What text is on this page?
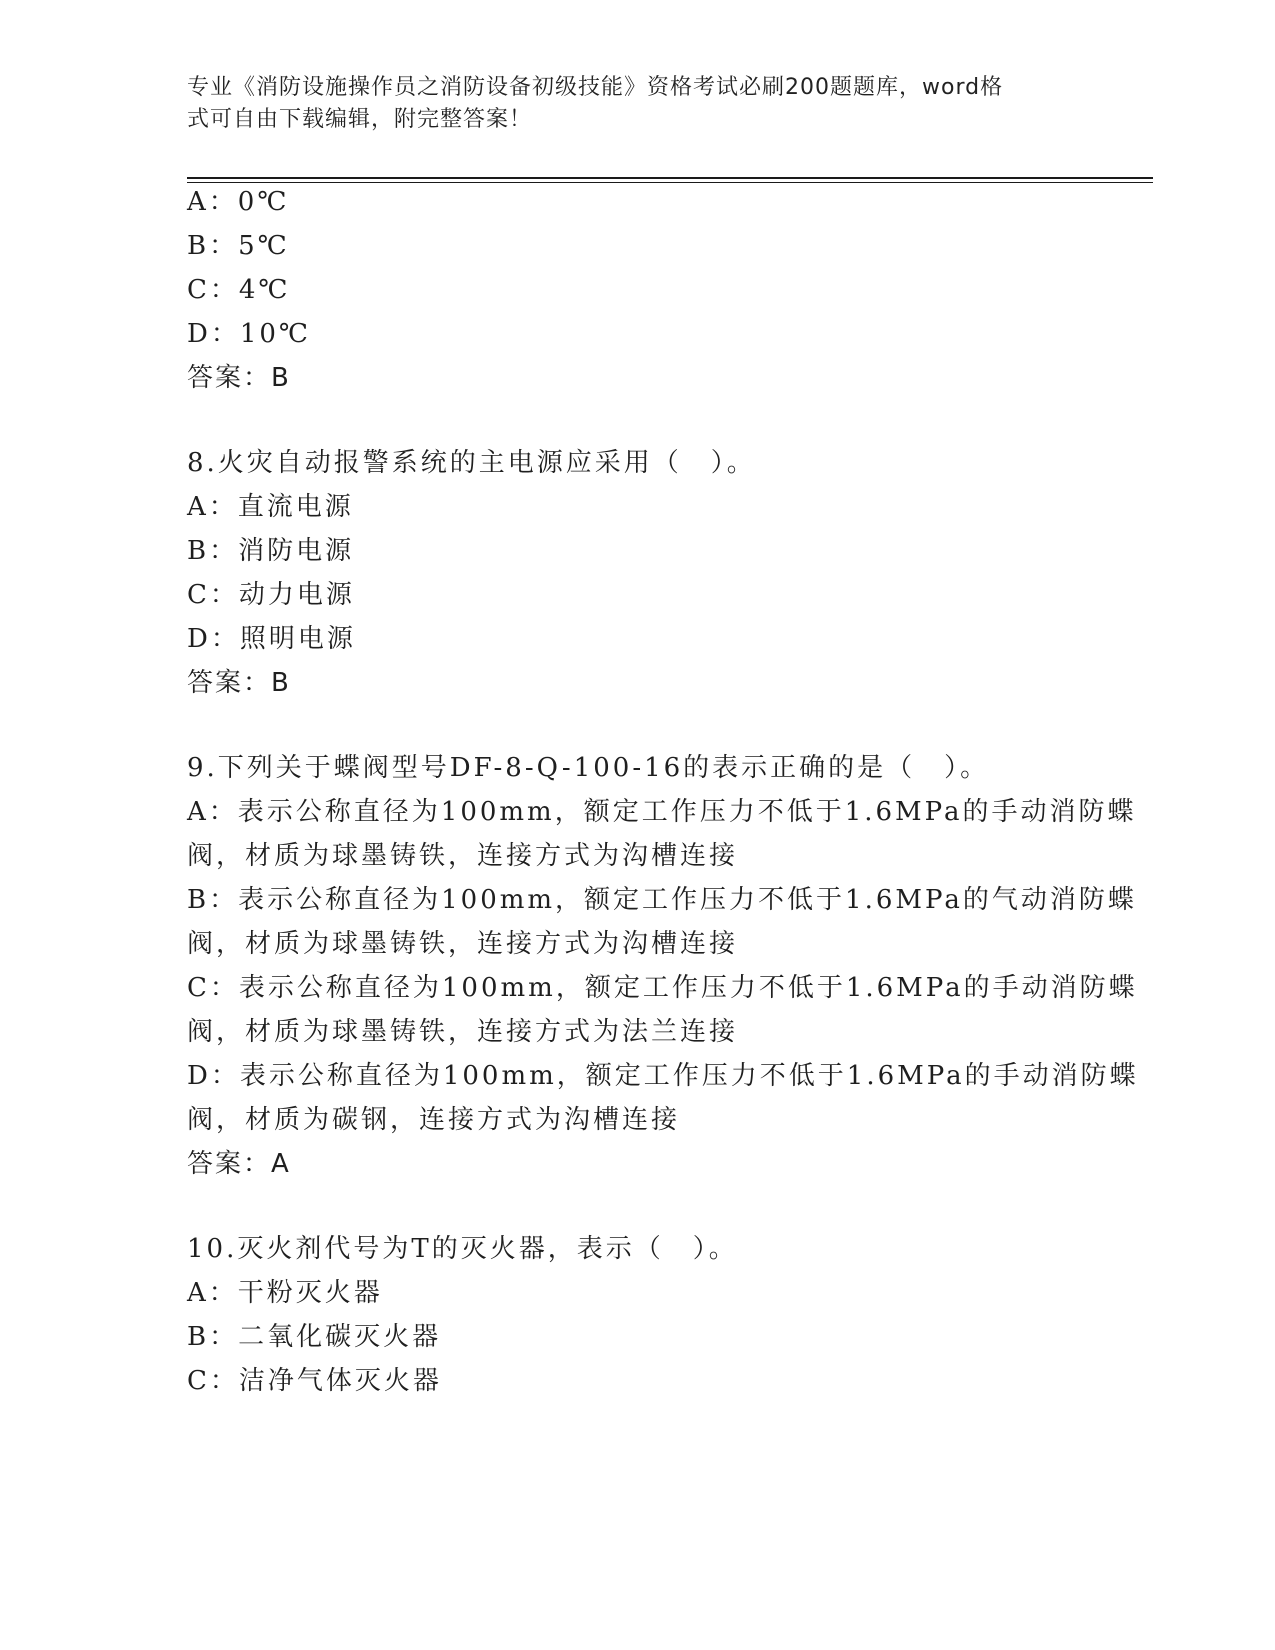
专业《消防设施操作员之消防设备初级技能》资格考试必刷200题题库，word格
式可自由下载编辑，附完整答案！
A：0℃
B：5℃
C：4℃
D：10℃
答案：B
8.火灾自动报警系统的主电源应采用（　）。
A：直流电源
B：消防电源
C：动力电源
D：照明电源
答案：B
9.下列关于蝶阀型号DF-8-Q-100-16的表示正确的是（　）。
A：表示公称直径为100mm，额定工作压力不低于1.6MPa的手动消防蝶
阀，材质为球墨铸铁，连接方式为沟槽连接
B：表示公称直径为100mm，额定工作压力不低于1.6MPa的气动消防蝶
阀，材质为球墨铸铁，连接方式为沟槽连接
C：表示公称直径为100mm，额定工作压力不低于1.6MPa的手动消防蝶
阀，材质为球墨铸铁，连接方式为法兰连接
D：表示公称直径为100mm，额定工作压力不低于1.6MPa的手动消防蝶
阀，材质为碳钢，连接方式为沟槽连接
答案：A
10.灭火剂代号为T的灭火器，表示（　）。
A：干粉灭火器
B：二氧化碳灭火器
C：洁净气体灭火器
